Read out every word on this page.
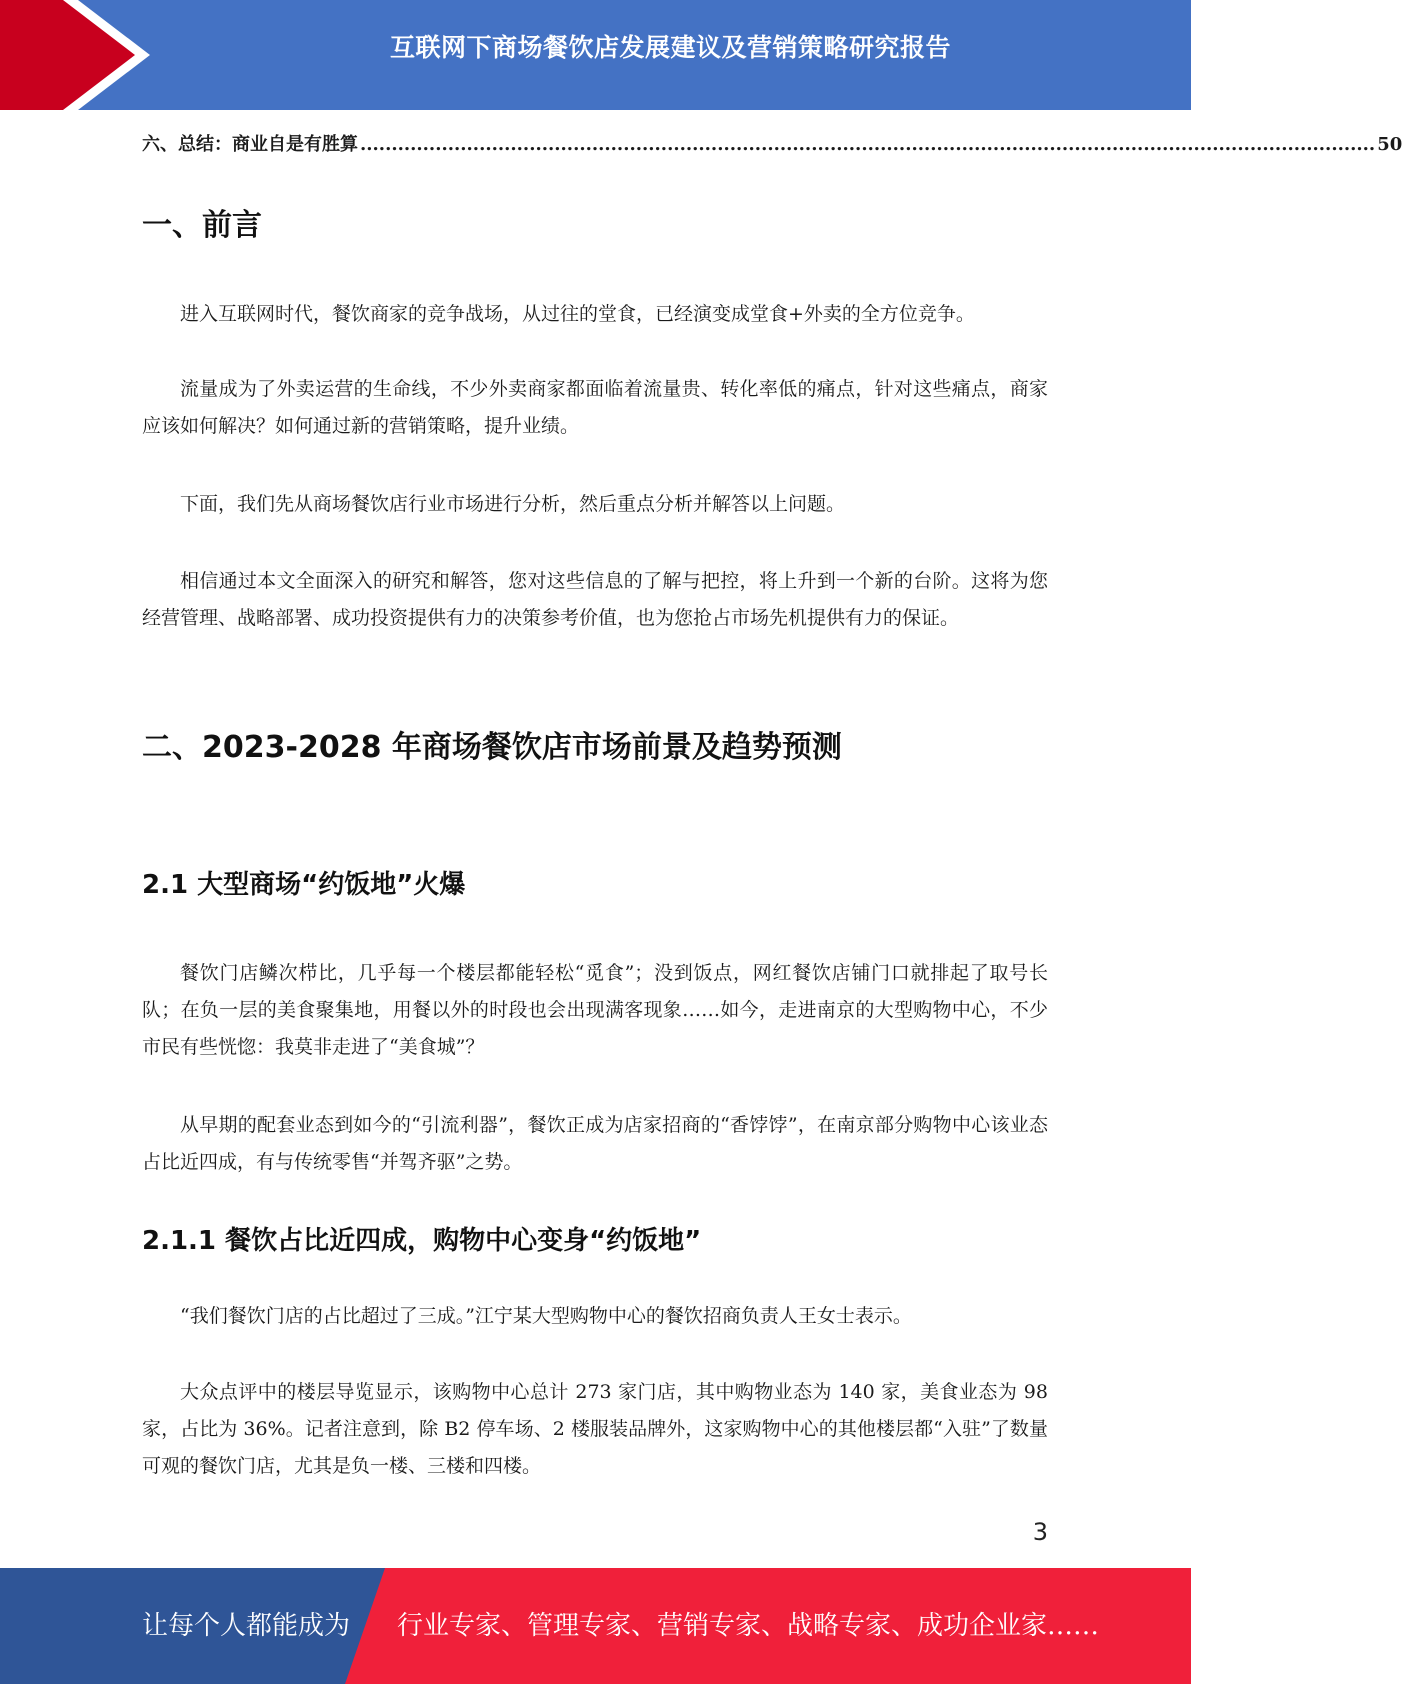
互联网下商场餐饮店发展建议及营销策略研究报告
六、总结：商业自是有胜算 .................................................................................................................................................................. 50
一、前言

进入互联网时代，餐饮商家的竞争战场，从过往的堂食，已经演变成堂食+外卖的全方位竞争。

流量成为了外卖运营的生命线，不少外卖商家都面临着流量贵、转化率低的痛点，针对这些痛点，商家应该如何解决？如何通过新的营销策略，提升业绩。

下面，我们先从商场餐饮店行业市场进行分析，然后重点分析并解答以上问题。

相信通过本文全面深入的研究和解答，您对这些信息的了解与把控，将上升到一个新的台阶。这将为您经营管理、战略部署、成功投资提供有力的决策参考价值，也为您抢占市场先机提供有力的保证。

二、2023-2028 年商场餐饮店市场前景及趋势预测
2.1 大型商场“约饭地”火爆

餐饮门店鳞次栉比，几乎每一个楼层都能轻松“觅食”；没到饭点，网红餐饮店铺门口就排起了取号长队；在负一层的美食聚集地，用餐以外的时段也会出现满客现象……如今，走进南京的大型购物中心，不少市民有些恍惚：我莫非走进了“美食城”？

从早期的配套业态到如今的“引流利器”，餐饮正成为店家招商的“香饽饽”，在南京部分购物中心该业态占比近四成，有与传统零售“并驾齐驱”之势。

2.1.1 餐饮占比近四成，购物中心变身“约饭地”

“我们餐饮门店的占比超过了三成。”江宁某大型购物中心的餐饮招商负责人王女士表示。

大众点评中的楼层导览显示，该购物中心总计 273 家门店，其中购物业态为 140 家，美食业态为 98 家，占比为 36%。记者注意到，除 B2 停车场、2 楼服装品牌外，这家购物中心的其他楼层都“入驻”了数量可观的餐饮门店，尤其是负一楼、三楼和四楼。

3
让每个人都能成为 行业专家、管理专家、营销专家、战略专家、成功企业家……
